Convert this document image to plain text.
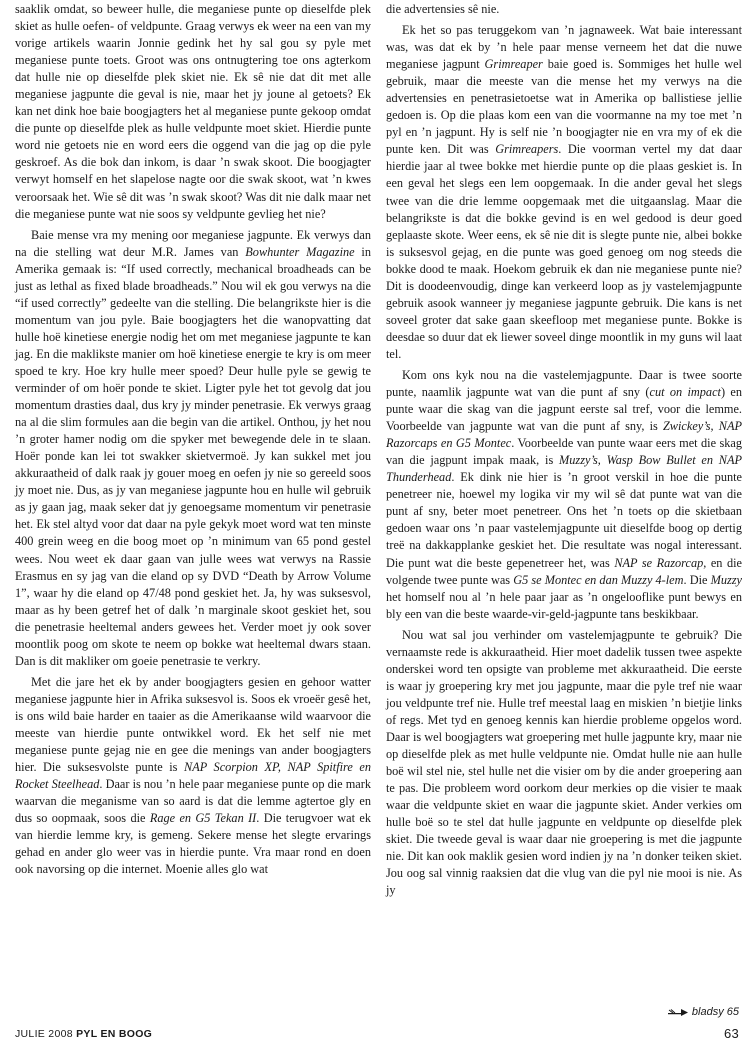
saaklik omdat, so beweer hulle, die meganiese punte op dieselfde plek skiet as hulle oefen- of veldpunte. Graag verwys ek weer na een van my vorige artikels waarin Jonnie gedink het hy sal gou sy pyle met meganiese punte toets. Groot was ons ontnugtering toe ons agterkom dat hulle nie op dieselfde plek skiet nie. Ek sê nie dat dit met alle meganiese jagpunte die geval is nie, maar het jy joune al getoets? Ek kan net dink hoe baie boogjagters het al meganiese punte gekoop omdat die punte op dieselfde plek as hulle veldpunte moet skiet. Hierdie punte word nie getoets nie en word eers die oggend van die jag op die pyle geskroef. As die bok dan inkom, is daar ’n swak skoot. Die boogjagter verwyt homself en het slapelose nagte oor die swak skoot, wat ’n kwes veroorsaak het. Wie sê dit was ’n swak skoot? Was dit nie dalk maar net die meganiese punte wat nie soos sy veldpunte gevlieg het nie?

Baie mense vra my mening oor meganiese jagpunte. Ek verwys dan na die stelling wat deur M.R. James van Bowhunter Magazine in Amerika gemaak is: “If used correctly, mechanical broadheads can be just as lethal as fixed blade broadheads.” Nou wil ek gou verwys na die “if used correctly” gedeelte van die stelling. Die belangrikste hier is die momentum van jou pyle. Baie boogjagters het die wanopvatting dat hulle hoë kinetiese energie nodig het om met meganiese jagpunte te kan jag. En die maklikste manier om hoë kinetiese energie te kry is om meer spoed te kry. Hoe kry hulle meer spoed? Deur hulle pyle se gewig te verminder of om hoër ponde te skiet. Ligter pyle het tot gevolg dat jou momentum drasties daal, dus kry jy minder penetrasie. Ek verwys graag na al die slim formules aan die begin van die artikel. Onthou, jy het nou ’n groter hamer nodig om die spyker met bewegende dele in te slaan. Hoër ponde kan lei tot swakker skietvermoë. Jy kan sukkel met jou akkuraatheid of dalk raak jy gouer moeg en oefen jy nie so gereeld soos jy moet nie. Dus, as jy van meganiese jagpunte hou en hulle wil gebruik as jy gaan jag, maak seker dat jy genoegsame momentum vir penetrasie het. Ek stel altyd voor dat daar na pyle gekyk moet word wat ten minste 400 grein weeg en die boog moet op ’n minimum van 65 pond gestel wees. Nou weet ek daar gaan van julle wees wat verwys na Rassie Erasmus en sy jag van die eland op sy DVD “Death by Arrow Volume 1”, waar hy die eland op 47/48 pond geskiet het. Ja, hy was suksesvol, maar as hy been getref het of dalk ’n marginale skoot geskiet het, sou die penetrasie heeltemal anders gewees het. Verder moet jy ook sover moontlik poog om skote te neem op bokke wat heeltemal dwars staan. Dan is dit makliker om goeie penetrasie te verkry.

Met die jare het ek by ander boogjagters gesien en gehoor watter meganiese jagpunte hier in Afrika suksesvol is. Soos ek vroeër gesê het, is ons wild baie harder en taaier as die Amerikaanse wild waarvoor die meeste van hierdie punte ontwikkel word. Ek het self nie met meganiese punte gejag nie en gee die menings van ander boogjagters hier. Die suksesvolste punte is NAP Scorpion XP, NAP Spitfire en Rocket Steelhead. Daar is nou ’n hele paar meganiese punte op die mark waarvan die meganisme van so aard is dat die lemme agtertoe gly en dus so oopmaak, soos die Rage en G5 Tekan II. Die terugvoer wat ek van hierdie lemme kry, is gemeng. Sekere mense het slegte ervarings gehad en ander glo weer vas in hierdie punte. Vra maar rond en doen ook navorsing op die internet. Moenie alles glo wat

die advertensies sê nie.

Ek het so pas teruggekom van ’n jagnaweek. Wat baie interessant was, was dat ek by ’n hele paar mense verneem het dat die nuwe meganiese jagpunt Grimreaper baie goed is. Sommiges het hulle wel gebruik, maar die meeste van die mense het my verwys na die advertensies en penetrasietoetse wat in Amerika op ballistiese jellie gedoen is. Op die plaas kom een van die voormanne na my toe met ’n pyl en ’n jagpunt. Hy is self nie ’n boogjagter nie en vra my of ek die punte ken. Dit was Grimreapers. Die voorman vertel my dat daar hierdie jaar al twee bokke met hierdie punte op die plaas geskiet is. In een geval het slegs een lem oopgemaak. In die ander geval het slegs twee van die drie lemme oopgemaak met die uitgaanslag. Maar die belangrikste is dat die bokke gevind is en wel gedood is deur goed geplaaste skote. Weer eens, ek sê nie dit is slegte punte nie, albei bokke is suksesvol gejag, en die punte was goed genoeg om nog steeds die bokke dood te maak. Hoekom gebruik ek dan nie meganiese punte nie? Dit is doodeenvoudig, dinge kan verkeerd loop as jy vastelemjagpunte gebruik asook wanneer jy meganiese jagpunte gebruik. Die kans is net soveel groter dat sake gaan skeefloop met meganiese punte. Bokke is deesdae so duur dat ek liewer soveel dinge moontlik in my guns wil laat tel.

Kom ons kyk nou na die vastelemjagpunte. Daar is twee soorte punte, naamlik jagpunte wat van die punt af sny (cut on impact) en punte waar die skag van die jagpunt eerste sal tref, voor die lemme. Voorbeelde van jagpunte wat van die punt af sny, is Zwickey’s, NAP Razorcaps en G5 Montec. Voorbeelde van punte waar eers met die skag van die jagpunt impak maak, is Muzzy’s, Wasp Bow Bullet en NAP Thunderhead. Ek dink nie hier is ’n groot verskil in hoe die punte penetreer nie, hoewel my logika vir my wil sê dat punte wat van die punt af sny, beter moet penetreer. Ons het ’n toets op die skietbaan gedoen waar ons ’n paar vastelemjagpunte uit dieselfde boog op dertig treë na dakkapplanke geskiet het. Die resultate was nogal interessant. Die punt wat die beste gepenetreer het, was NAP se Razorcap, en die volgende twee punte was G5 se Montec en dan Muzzy 4-lem. Die Muzzy het homself nou al ’n hele paar jaar as ’n ongelooflike punt bewys en bly een van die beste waarde-vir-geld-jagpunte tans beskikbaar.

Nou wat sal jou verhinder om vastelemjagpunte te gebruik? Die vernaamste rede is akkuraatheid. Hier moet dadelik tussen twee aspekte onderskei word ten opsigte van probleme met akkuraatheid. Die eerste is waar jy groepering kry met jou jagpunte, maar die pyle tref nie waar jou veldpunte tref nie. Hulle tref meestal laag en miskien ’n bietjie links of regs. Met tyd en genoeg kennis kan hierdie probleme opgelos word. Daar is wel boogjagters wat groepering met hulle jagpunte kry, maar nie op dieselfde plek as met hulle veldpunte nie. Omdat hulle nie aan hulle boë wil stel nie, stel hulle net die visier om by die ander groepering aan te pas. Die probleem word oorkom deur merkies op die visier te maak waar die veldpunte skiet en waar die jagpunte skiet. Ander verkies om hulle boë so te stel dat hulle jagpunte en veldpunte op dieselfde plek skiet. Die tweede geval is waar daar nie groepering is met die jagpunte nie. Dit kan ook maklik gesien word indien jy na ’n donker teiken skiet. Jou oog sal vinnig raaksien dat die vlug van die pyl nie mooi is nie. As jy

bladsy 65
JULIE 2008 PYL EN BOOG	63
